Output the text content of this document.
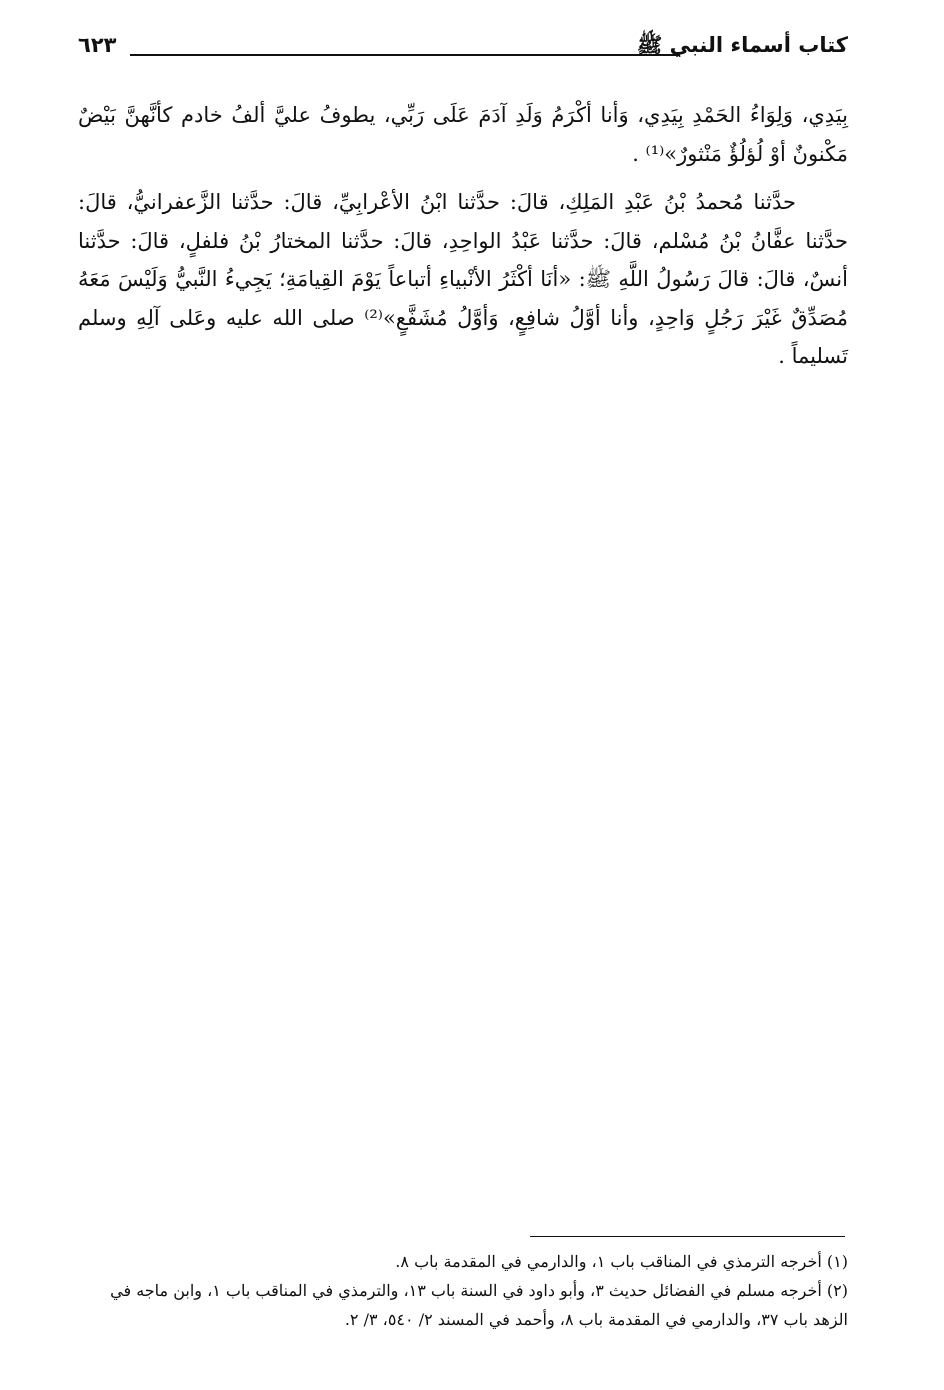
كتاب أسماء النبي ﷺ
٦٢٣

بِيَدِي، وَلِوَاءُ الحَمْدِ بِيَدِي، وَأنا أكْرَمُ وَلَدِ آدَمَ عَلَى رَبِّي، يطوفُ عليَّ ألفُ خادم كأنَّهنَّ بَيْضٌ مَكْنونٌ أوْ لُؤلُؤٌ مَنْثورٌ»⁽¹⁾ .

حدَّثنا مُحمدُ بْنُ عَبْدِ المَلِكِ، قالَ: حدَّثنا ابْنُ الأعْرابِيِّ، قالَ: حدَّثنا الزَّعفرانيُّ، قالَ: حدَّثنا عفَّانُ بْنُ مُسْلم، قالَ: حدَّثنا عَبْدُ الواحِدِ، قالَ: حدَّثنا المختارُ بْنُ فلفلٍ، قالَ: حدَّثنا أنسٌ، قالَ: قالَ رَسُولُ اللَّهِ ﷺ: «أنَا أكْثَرُ الأنْبياءِ أتباعاً يَوْمَ القِيامَةِ؛ يَجِيءُ النَّبيُّ وَلَيْسَ مَعَهُ مُصَدِّقٌ غَيْرَ رَجُلٍ وَاحِدٍ، وأنا أوَّلُ شافِعٍ، وَأوَّلُ مُشَفَّعٍ»⁽²⁾ صلى الله عليه وعَلى آلِهِ وسلم تَسليماً .

(١) أخرجه الترمذي في المناقب باب ١، والدارمي في المقدمة باب ٨.

(٢) أخرجه مسلم في الفضائل حديث ٣، وأبو داود في السنة باب ١٣، والترمذي في المناقب باب ١، وابن ماجه في الزهد باب ٣٧، والدارمي في المقدمة باب ٨، وأحمد في المسند ٢/ ٥٤٠، ٣/ ٢.
